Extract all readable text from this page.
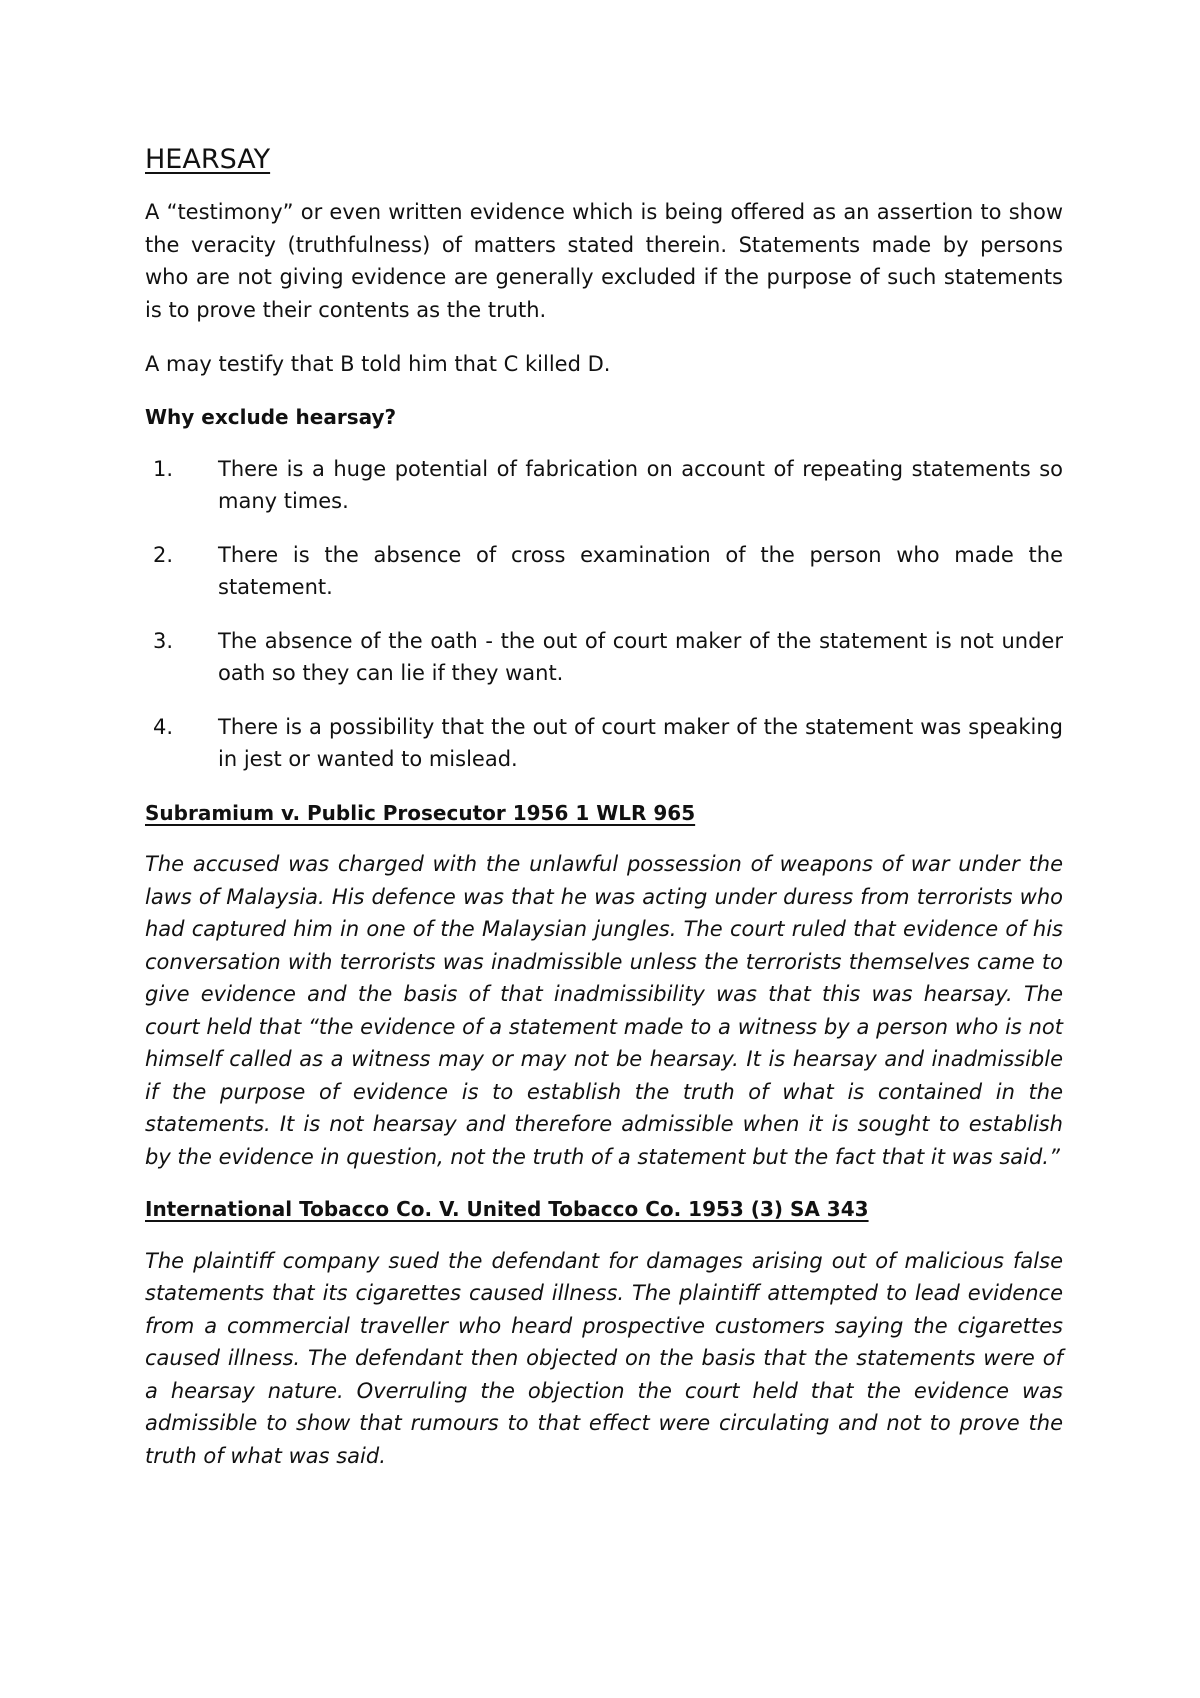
HEARSAY

A “testimony” or even written evidence which is being offered as an assertion to show the veracity (truthfulness) of matters stated therein. Statements made by persons who are not giving evidence are generally excluded if the purpose of such statements is to prove their contents as the truth.

A may testify that B told him that C killed D.

Why exclude hearsay?
1.	There is a huge potential of fabrication on account of repeating statements so many times.
2.	There is the absence of cross examination of the person who made the statement.
3.	The absence of the oath - the out of court maker of the statement is not under oath so they can lie if they want.
4.	There is a possibility that the out of court maker of the statement was speaking in jest or wanted to mislead.
Subramium v. Public Prosecutor 1956 1 WLR 965

The accused was charged with the unlawful possession of weapons of war under the laws of Malaysia. His defence was that he was acting under duress from terrorists who had captured him in one of the Malaysian jungles. The court ruled that evidence of his conversation with terrorists was inadmissible unless the terrorists themselves came to give evidence and the basis of that inadmissibility was that this was hearsay. The court held that “the evidence of a statement made to a witness by a person who is not himself called as a witness may or may not be hearsay. It is hearsay and inadmissible if the purpose of evidence is to establish the truth of what is contained in the statements. It is not hearsay and therefore admissible when it is sought to establish by the evidence in question, not the truth of a statement but the fact that it was said.”

International Tobacco Co. V. United Tobacco Co. 1953 (3) SA 343

The plaintiff company sued the defendant for damages arising out of malicious false statements that its cigarettes caused illness. The plaintiff attempted to lead evidence from a commercial traveller who heard prospective customers saying the cigarettes caused illness. The defendant then objected on the basis that the statements were of a hearsay nature. Overruling the objection the court held that the evidence was admissible to show that rumours to that effect were circulating and not to prove the truth of what was said.
